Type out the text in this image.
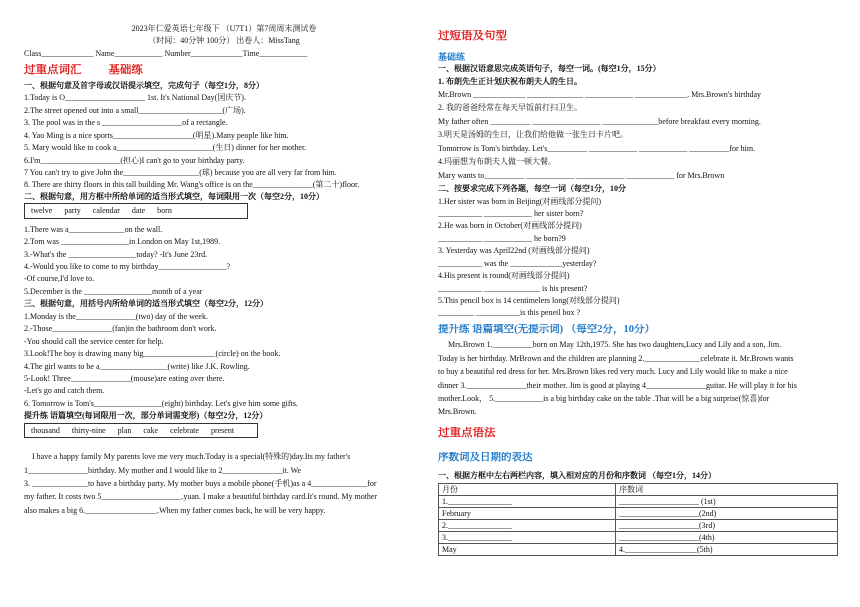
2023年仁爱英语七年级下 （U7T1）第7周周末测试卷

（时间：40分钟 100分） 出卷人：MissTang

Class_____________ Name____________ Number_____________Time____________

过重点词汇 基础练

一、根据句意及首字母或汉语提示填空，完成句子（每空1分，8分）

1.Today is O____________________ 1st. It's National Day(国庆节).

2.The street opened out into a small_____________________(广场).

3. The pool was in the s ____________________of a rectangle.

4. Yao Ming is a nice sports____________________(明星).Many people like him.

5. Mary would like to cook a________________________(生日) dinner for her mother.

6.I'm____________________(担心)I can't go to your birthday party.

7 You can't try to give John the___________________(球) because you are all very far from him.

8. There are thirty floors in this tall building Mr. Wang's office is on the_______________(第二十)floor.

二、根据句意，用方框中所给单词的适当形式填空，每词限用一次（每空2分，10分）

twelve party calendar date born

1.There was a______________on the wall.

2.Tom was _________________in London on May 1st,1989.

3.-What's the _________________today? -It's June 23rd.

4.-Would you like to come to my birthday_________________?

-Of course,I'd love to.

5.December is the _________________month of a year

三、根据句意，用括号内所给单词的适当形式填空（每空2分，12分）

1.Monday is the_______________(two) day of the week.

2.-Those_______________(fan)in the bathroom don't work.

-You should call the service center for help.

3.Look!The boy is drawing many big__________________(circle) on the book.

4.The girl wants to be a_________________(write) like J.K. Rowling.

5-Look! Three_______________(mouse)are eating over there.

-Let's go and catch them.

6. Tomorrow is Tom's_________________(eight) birthday. Let's give him some gifts.

提升练 语篇填空(每词限用一次，部分单词需变形)（每空2分，12分）

thousand thirty-nine plan cake celebrate present

I have a happy family My parents love me very much.Today is a special(特殊的)day.Its my father's

1_______________birthday. My mother and I would like to 2_______________it. We

3. ______________to have a birthday party. My mother buys a mobile phone(手机)as a 4______________for

my father. It costs two 5____________________.yuan. I make a beautiful birthday card.It's round. My mother

also makes a big 6.__________________.When my father comes back, he will be very happy.

过短语及句型

基础练

一、根据汉语意思完成英语句子，每空一词。(每空1分，15分）

1. 布朗先生正计划庆祝布朗夫人的生日。

Mr.Brown _____________ ______________ ____________ _____________. Mrs.Brown's birthday

2. 我的爸爸经常在每天早饭前打扫卫生。

My father often __________ _________________ ______________before breakfast every morning.

3.明天是汤姆的生日，让我们给他做一张生日卡片吧。

Tomorrow is Tom's birthday. Let's__________ ____________ ____________ __________for him.

4.玛丽想为布朗夫人做一顿大餐。

Mary wants to__________ ____________ ____________ ____________ for Mrs.Brown

二、按要求完成下列各题，每空一词（每空1分，10分

1.Her sister was born in Beijing(对画线部分提问)

___________ ____________ her sister born?

2.He was born in October(对画线部分提问)

___________ ____________ he born?9

3. Yesterday was April22nd (对画线部分提问)

___________ was the _____________yesterday?

4.His present is round(对画线部分提问)

___________ ______________ is his present?

5.This pencil box is 14 centimelers long(对线部分提问)

_________ ___________is this peneil box ?

提升练 语篇填空(无提示词) （每空2分，10分）

Mrs.Brown 1.__________born on May 12th,1975. She has two daughters,Lucy and Lily and a son, Jim.

Today is her birthday. MrBrown and the children are planning 2.______________celebrate it. Mr.Brown wants

to buy a beautiful red dress for her. Mrs.Brown likes red very much. Lucy and Lily would like to make a nice

dinner 3._______________their mother. Jim is good at playing 4_______________guitar. He will play it for his

mother.Look， 5.____________is a big birthday cake on the table .That will be a big surprise(惊喜)for

Mrs.Brown.

过重点语法

序数词及日期的表达

一、根据方框中左右两栏内容，填入相对应的月份和序数词 （每空1分，14分）

月份	序数词
1.________________	____________________ (1st)
February	____________________(2nd)
2.________________	____________________(3rd)
3.________________	____________________(4th)
May	4.__________________(5th)
